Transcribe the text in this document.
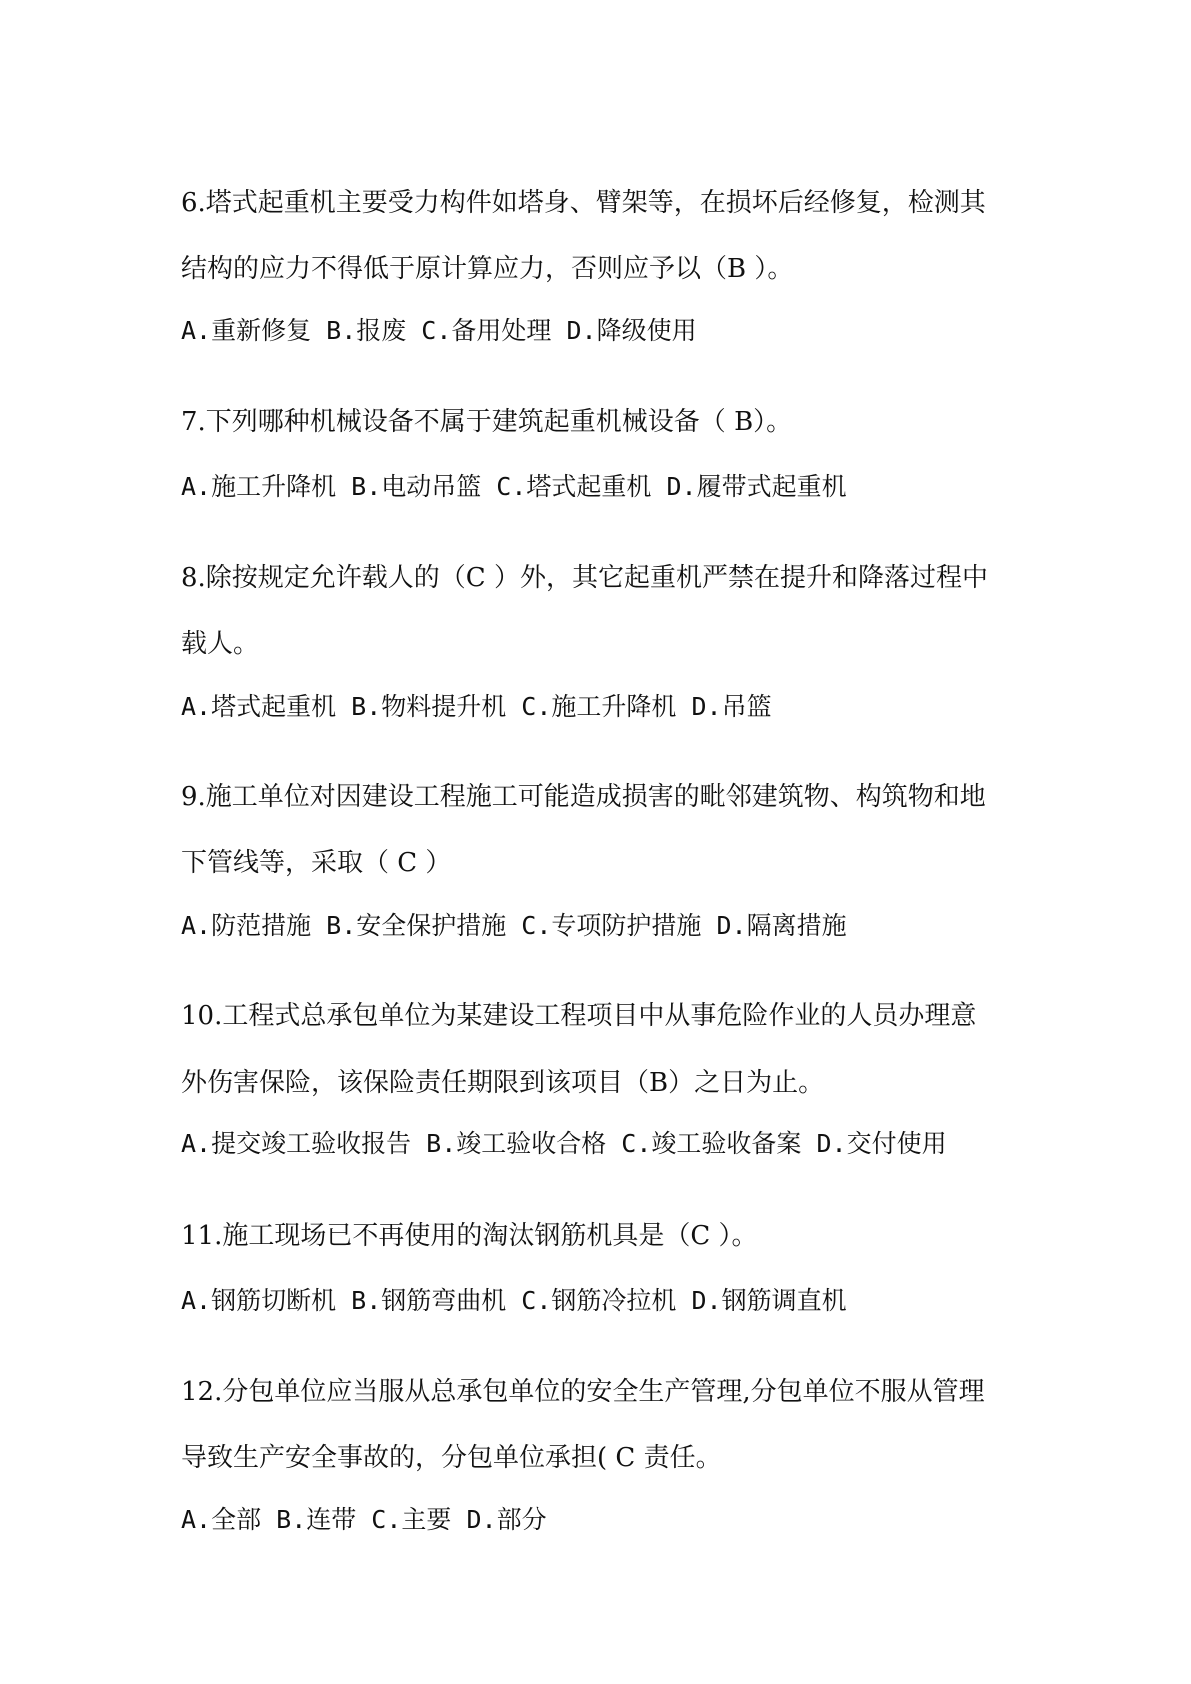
6.塔式起重机主要受力构件如塔身、臂架等，在损坏后经修复，检测其
结构的应力不得低于原计算应力，否则应予以（B ）。
A.重新修复 B.报废 C.备用处理 D.降级使用
7.下列哪种机械设备不属于建筑起重机械设备（ B）。
A.施工升降机 B.电动吊篮 C.塔式起重机 D.履带式起重机
8.除按规定允许载人的（C ）外，其它起重机严禁在提升和降落过程中
载人。
A.塔式起重机 B.物料提升机 C.施工升降机 D.吊篮
9.施工单位对因建设工程施工可能造成损害的毗邻建筑物、构筑物和地
下管线等，采取（ C ）
A.防范措施 B.安全保护措施 C.专项防护措施 D.隔离措施
10.工程式总承包单位为某建设工程项目中从事危险作业的人员办理意
外伤害保险，该保险责任期限到该项目（B）之日为止。
A.提交竣工验收报告 B.竣工验收合格 C.竣工验收备案 D.交付使用
11.施工现场已不再使用的淘汰钢筋机具是（C ）。
A.钢筋切断机 B.钢筋弯曲机 C.钢筋冷拉机 D.钢筋调直机
12.分包单位应当服从总承包单位的安全生产管理,分包单位不服从管理
导致生产安全事故的，分包单位承担( C 责任。
A.全部 B.连带 C.主要 D.部分
